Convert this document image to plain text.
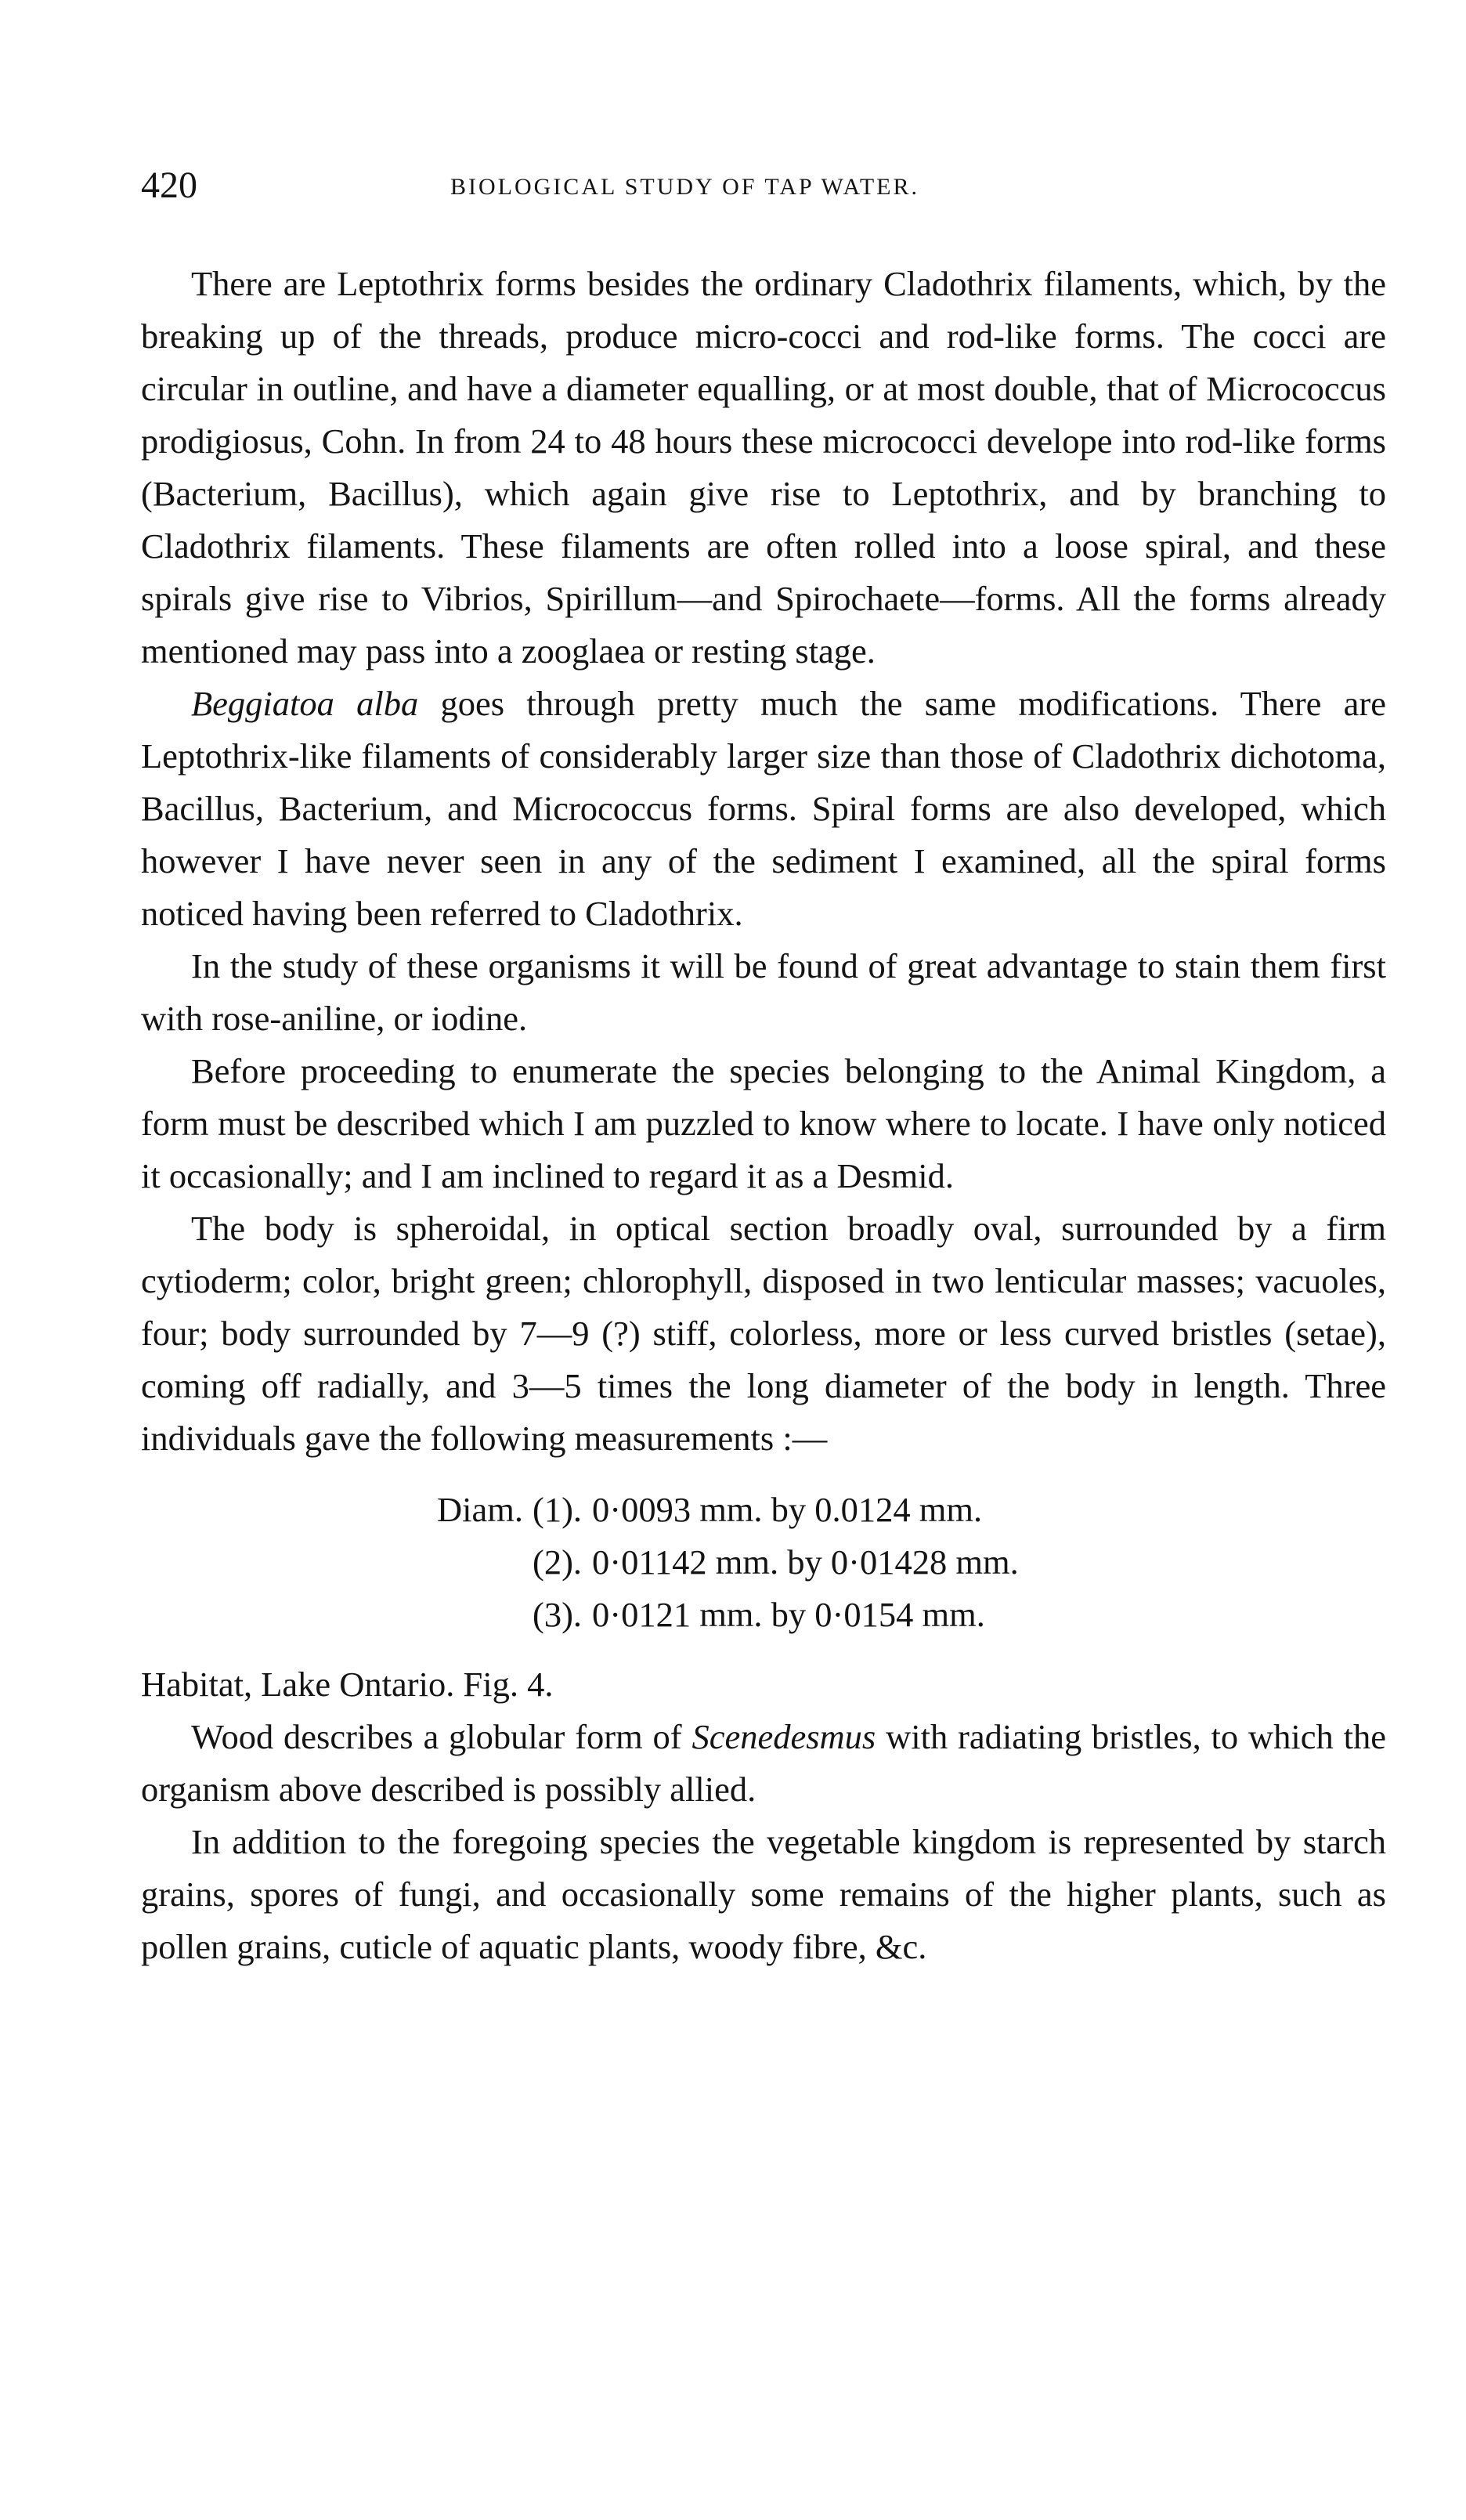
420	BIOLOGICAL STUDY OF TAP WATER.

There are Leptothrix forms besides the ordinary Cladothrix filaments, which, by the breaking up of the threads, produce micro-cocci and rod-like forms. The cocci are circular in outline, and have a diameter equalling, or at most double, that of Micrococcus prodigiosus, Cohn. In from 24 to 48 hours these micrococci develope into rod-like forms (Bacterium, Bacillus), which again give rise to Leptothrix, and by branching to Cladothrix filaments. These filaments are often rolled into a loose spiral, and these spirals give rise to Vibrios, Spirillum—and Spirochaete—forms. All the forms already mentioned may pass into a zooglaea or resting stage.

Beggiatoa alba goes through pretty much the same modifications. There are Leptothrix-like filaments of considerably larger size than those of Cladothrix dichotoma, Bacillus, Bacterium, and Micrococcus forms. Spiral forms are also developed, which however I have never seen in any of the sediment I examined, all the spiral forms noticed having been referred to Cladothrix.

In the study of these organisms it will be found of great advantage to stain them first with rose-aniline, or iodine.

Before proceeding to enumerate the species belonging to the Animal Kingdom, a form must be described which I am puzzled to know where to locate. I have only noticed it occasionally; and I am inclined to regard it as a Desmid.

The body is spheroidal, in optical section broadly oval, surrounded by a firm cytioderm; color, bright green; chlorophyll, disposed in two lenticular masses; vacuoles, four; body surrounded by 7—9 (?) stiff, colorless, more or less curved bristles (setae), coming off radially, and 3—5 times the long diameter of the body in length. Three individuals gave the following measurements :—

Diam. (1). 0·0093 mm. by 0.0124 mm.
(2). 0·01142 mm. by 0·01428 mm.
(3). 0·0121 mm. by 0·0154 mm.

Habitat, Lake Ontario. Fig. 4.

Wood describes a globular form of Scenedesmus with radiating bristles, to which the organism above described is possibly allied.

In addition to the foregoing species the vegetable kingdom is represented by starch grains, spores of fungi, and occasionally some remains of the higher plants, such as pollen grains, cuticle of aquatic plants, woody fibre, &c.
